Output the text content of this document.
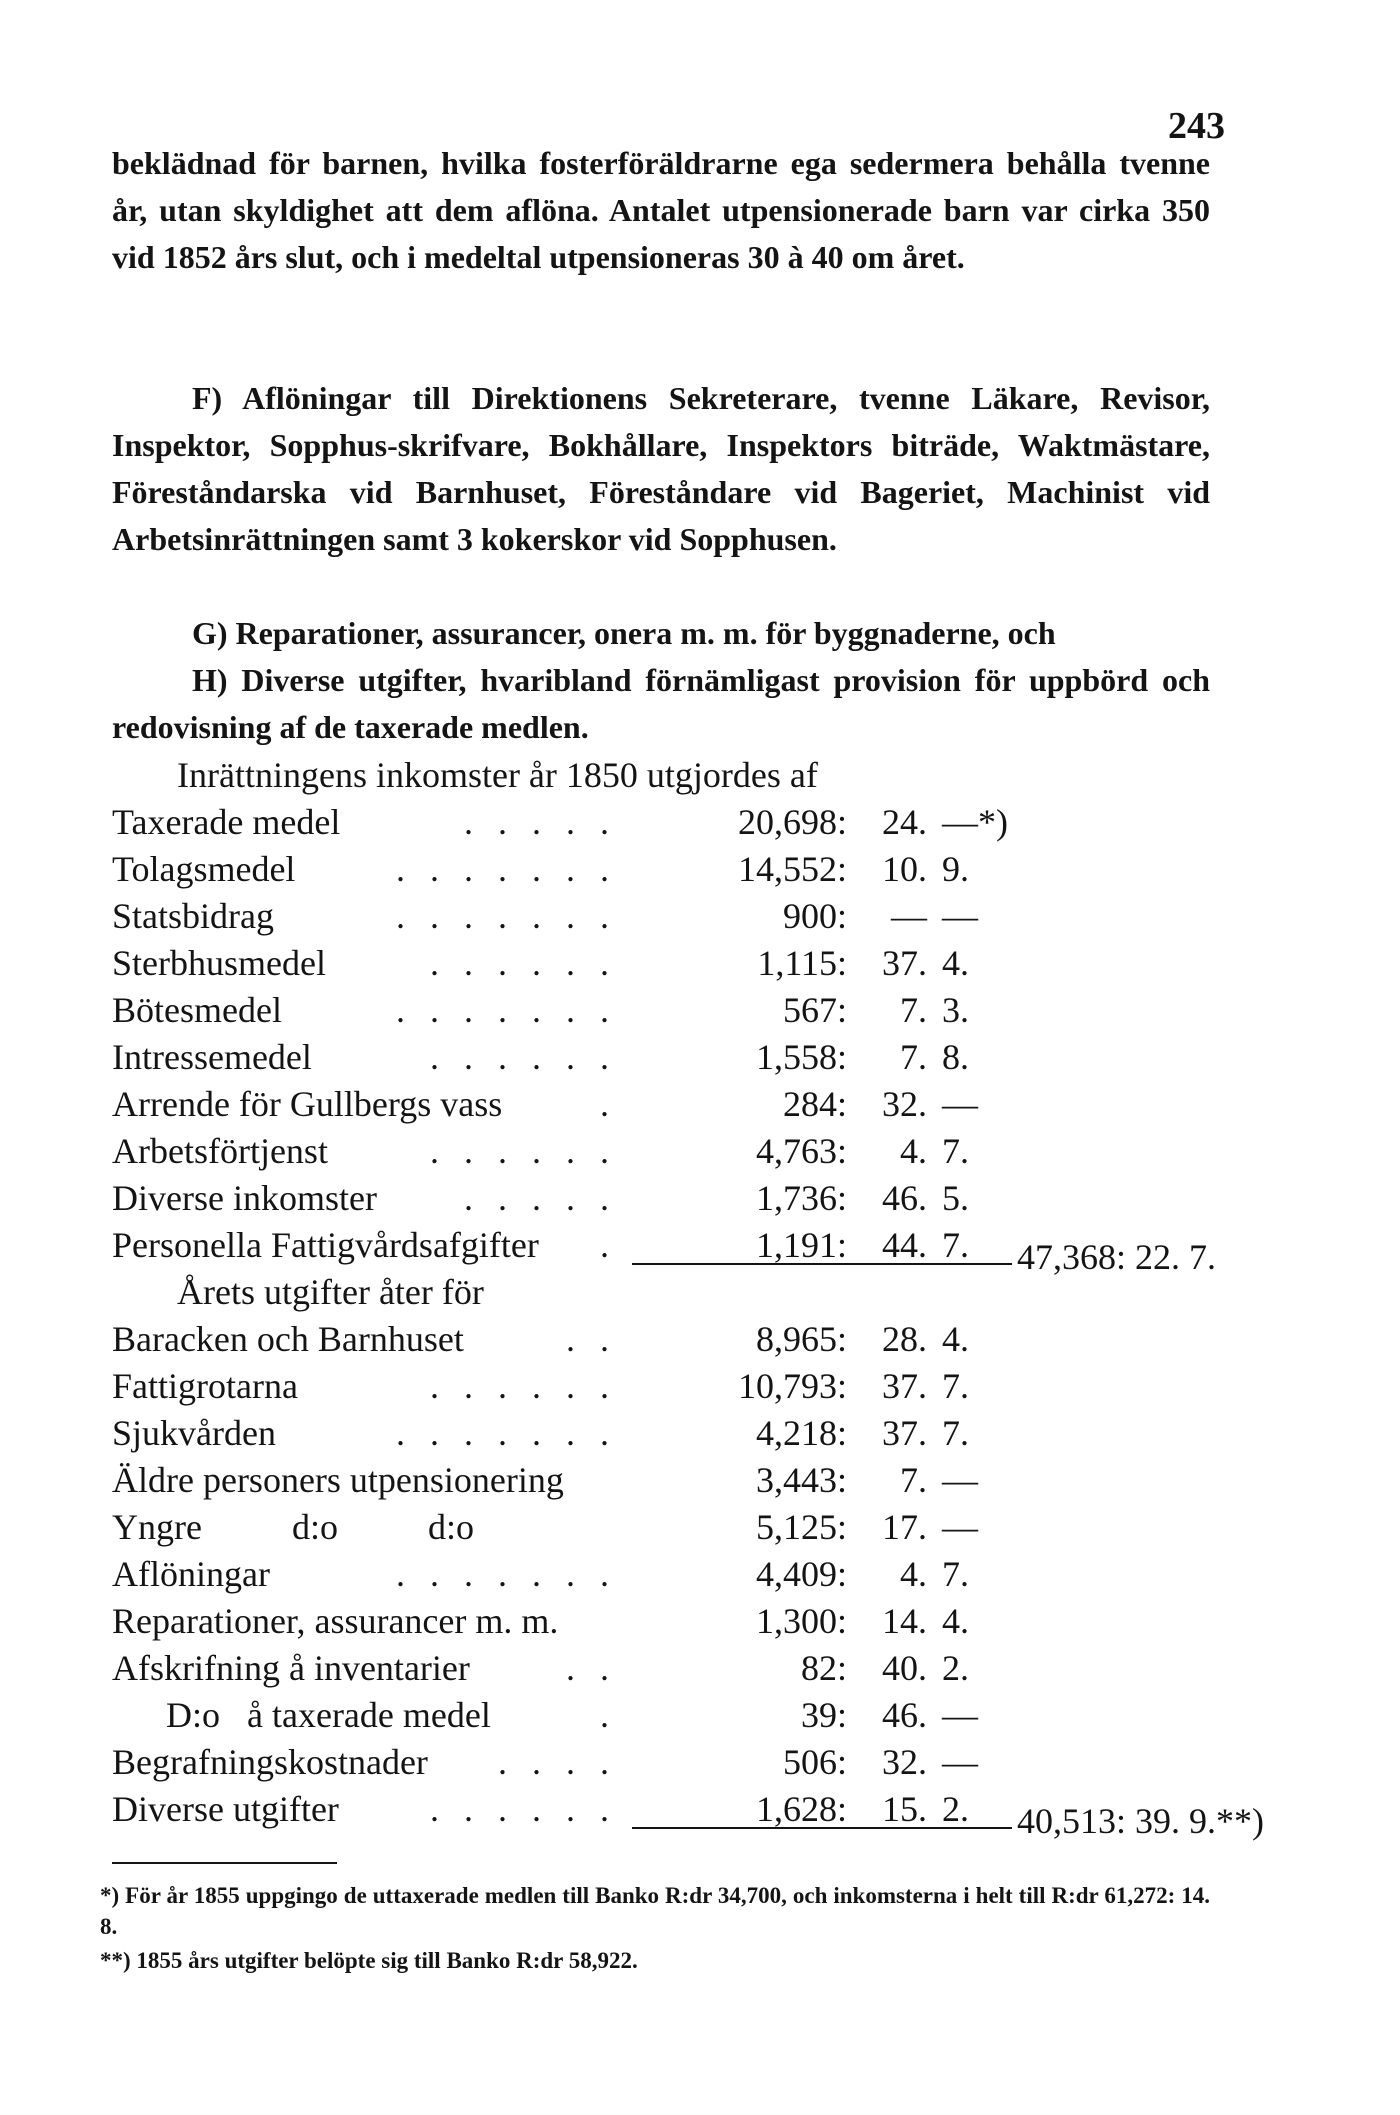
243
beklädnad för barnen, hvilka fosterföräldrarne ega sedermera behålla tvenne år, utan skyldighet att dem aflöna. Antalet utpensionerade barn var cirka 350 vid 1852 års slut, och i medeltal utpensioneras 30 à 40 om året.
F) Aflöningar till Direktionens Sekreterare, tvenne Läkare, Revisor, Inspektor, Sopphus-skrifvare, Bokhållare, Inspektors biträde, Waktmästare, Föreståndarska vid Barnhuset, Föreståndare vid Bageriet, Machinist vid Arbetsinrättningen samt 3 kokerskor vid Sopphusen.
G) Reparationer, assurancer, onera m. m. för byggnaderne, och
H) Diverse utgifter, hvaribland förnämligast provision för uppbörd och redovisning af de taxerade medlen.
Inrättningens inkomster år 1850 utgjordes af
Taxerade medel	. . . . .	20,698: 24. —*)
Tolagsmedel	. . . . . . .	14,552: 10. 9.
Statsbidrag	. . . . . . .	900:	— —
Sterbhusmedel	. . . . . .	1,115: 37. 4.
Bötesmedel	. . . . . . .	567:	7. 3.
Intressemedel	. . . . . .	1,558:	7. 8.
Arrende för Gullbergs vass	.	284: 32. —
Arbetsförtjenst	. . . . . .	4,763:	4. 7.
Diverse inkomster	. . . . .	1,736: 46. 5.
Personella Fattigvårdsafgifter	.	1,191: 44. 7.	47,368: 22. 7.
Årets utgifter åter för
Baracken och Barnhuset	. .	8,965: 28. 4.
Fattigrotarna	. . . . . .	10,793: 37. 7.
Sjukvården	. . . . . . .	4,218: 37. 7.
Äldre personers utpensionering	3,443:	7. —
Yngre          d:o          d:o	5,125: 17. —
Aflöningar	. . . . . . .	4,409:	4. 7.
Reparationer, assurancer m. m.	1,300: 14. 4.
Afskrifning å inventarier	. .	82: 40. 2.
D:o   å taxerade medel	.	39: 46. —
Begrafningskostnader	. . . .	506: 32. —
Diverse utgifter	. . . . . .	1,628: 15. 2.	40,513: 39. 9.**)
*) För år 1855 uppgingo de uttaxerade medlen till Banko R:dr 34,700, och inkomsterna i helt till R:dr 61,272: 14. 8.
**) 1855 års utgifter belöpte sig till Banko R:dr 58,922.
